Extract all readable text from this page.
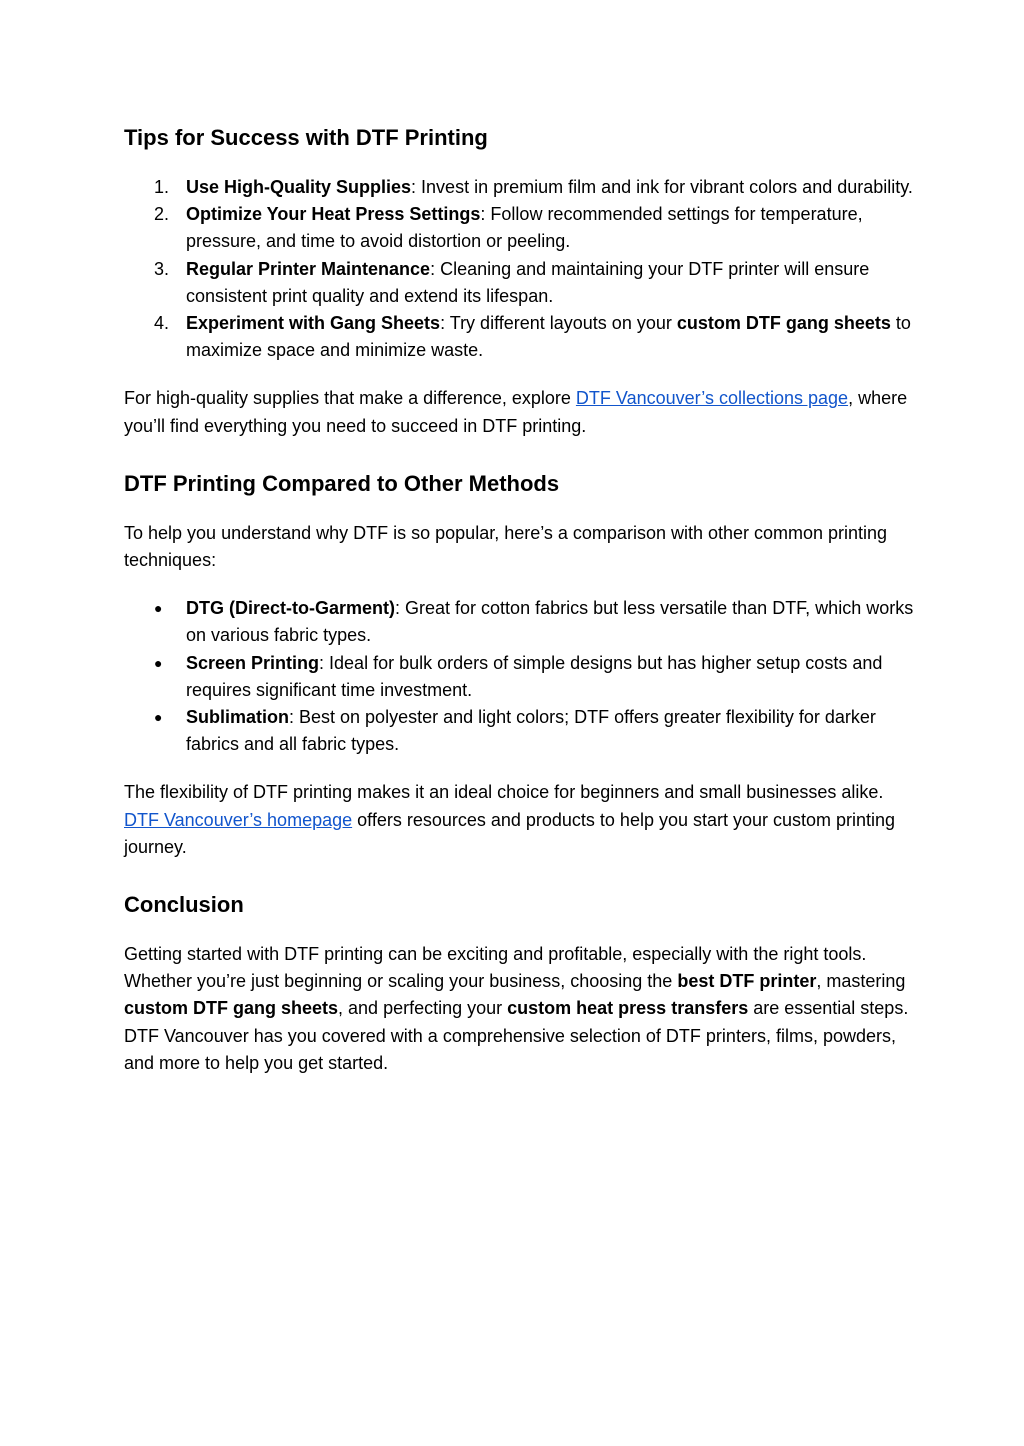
Tips for Success with DTF Printing
1. Use High-Quality Supplies: Invest in premium film and ink for vibrant colors and durability.
2. Optimize Your Heat Press Settings: Follow recommended settings for temperature, pressure, and time to avoid distortion or peeling.
3. Regular Printer Maintenance: Cleaning and maintaining your DTF printer will ensure consistent print quality and extend its lifespan.
4. Experiment with Gang Sheets: Try different layouts on your custom DTF gang sheets to maximize space and minimize waste.

For high-quality supplies that make a difference, explore DTF Vancouver’s collections page, where you’ll find everything you need to succeed in DTF printing.

DTF Printing Compared to Other Methods

To help you understand why DTF is so popular, here’s a comparison with other common printing techniques:

● DTG (Direct-to-Garment): Great for cotton fabrics but less versatile than DTF, which works on various fabric types.
● Screen Printing: Ideal for bulk orders of simple designs but has higher setup costs and requires significant time investment.
● Sublimation: Best on polyester and light colors; DTF offers greater flexibility for darker fabrics and all fabric types.

The flexibility of DTF printing makes it an ideal choice for beginners and small businesses alike. DTF Vancouver’s homepage offers resources and products to help you start your custom printing journey.

Conclusion

Getting started with DTF printing can be exciting and profitable, especially with the right tools. Whether you’re just beginning or scaling your business, choosing the best DTF printer, mastering custom DTF gang sheets, and perfecting your custom heat press transfers are essential steps. DTF Vancouver has you covered with a comprehensive selection of DTF printers, films, powders, and more to help you get started.
